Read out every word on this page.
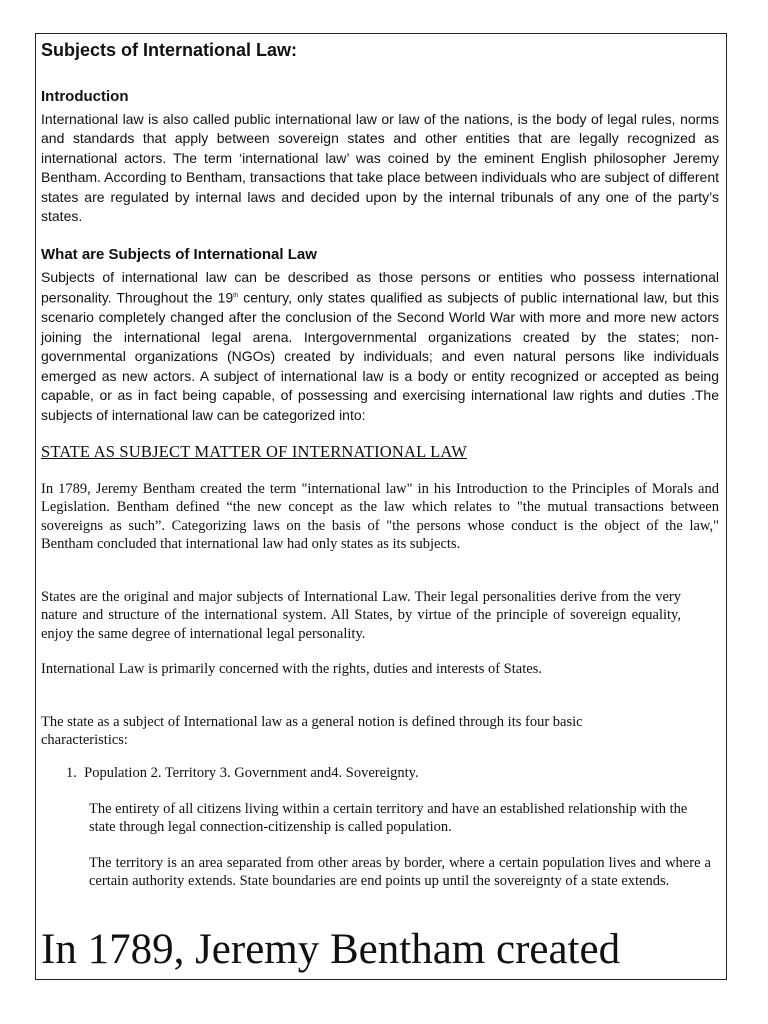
Subjects of International Law:
Introduction

International law is also called public international law or law of the nations, is the body of legal rules, norms and standards that apply between sovereign states and other entities that are legally recognized as international actors. The term ‘international law’ was coined by the eminent English philosopher Jeremy Bentham. According to Bentham, transactions that take place between individuals who are subject of different states are regulated by internal laws and decided upon by the internal tribunals of any one of the party’s states.

What are Subjects of International Law

Subjects of international law can be described as those persons or entities who possess international personality. Throughout the 19th century, only states qualified as subjects of public international law, but this scenario completely changed after the conclusion of the Second World War with more and more new actors joining the international legal arena. Intergovernmental organizations created by the states; non-governmental organizations (NGOs) created by individuals; and even natural persons like individuals emerged as new actors. A subject of international law is a body or entity recognized or accepted as being capable, or as in fact being capable, of possessing and exercising international law rights and duties .The subjects of international law can be categorized into:

STATE AS SUBJECT MATTER OF INTERNATIONAL LAW

In 1789, Jeremy Bentham created the term "international law" in his Introduction to the Principles of Morals and Legislation. Bentham defined “the new concept as the law which relates to "the mutual transactions between sovereigns as such”. Categorizing laws on the basis of "the persons whose conduct is the object of the law," Bentham concluded that international law had only states as its subjects.

States are the original and major subjects of International Law. Their legal personalities derive from the very nature and structure of the international system. All States, by virtue of the principle of sovereign equality, enjoy the same degree of international legal personality.

International Law is primarily concerned with the rights, duties and interests of States.

The state as a subject of International law as a general notion is defined through its four basic characteristics:

1. Population 2. Territory 3. Government and4. Sovereignty.

The entirety of all citizens living within a certain territory and have an established relationship with the state through legal connection-citizenship is called population.

The territory is an area separated from other areas by border, where a certain population lives and where a certain authority extends. State boundaries are end points up until the sovereignty of a state extends.

In 1789, Jeremy Bentham created
